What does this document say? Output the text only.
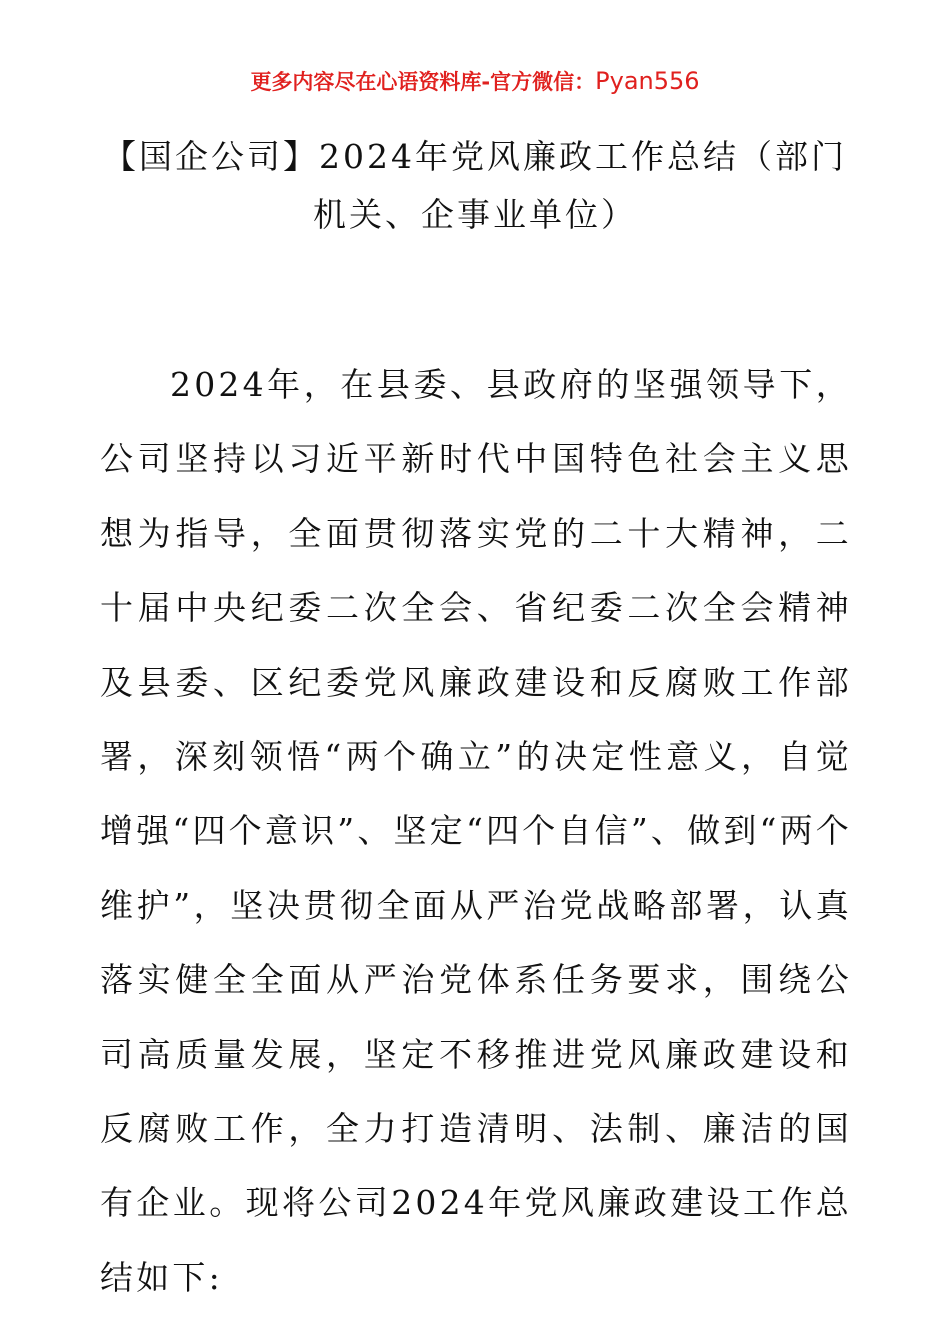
更多内容尽在心语资料库-官方微信：Pyan556
【国企公司】2024年党风廉政工作总结（部门机关、企事业单位）
2024年，在县委、县政府的坚强领导下，公司坚持以习近平新时代中国特色社会主义思想为指导，全面贯彻落实党的二十大精神，二十届中央纪委二次全会、省纪委二次全会精神及县委、区纪委党风廉政建设和反腐败工作部署，深刻领悟“两个确立”的决定性意义，自觉增强“四个意识”、坚定“四个自信”、做到“两个维护”，坚决贯彻全面从严治党战略部署，认真落实健全全面从严治党体系任务要求，围绕公司高质量发展，坚定不移推进党风廉政建设和反腐败工作，全力打造清明、法制、廉洁的国有企业。现将公司2024年党风廉政建设工作总结如下:
